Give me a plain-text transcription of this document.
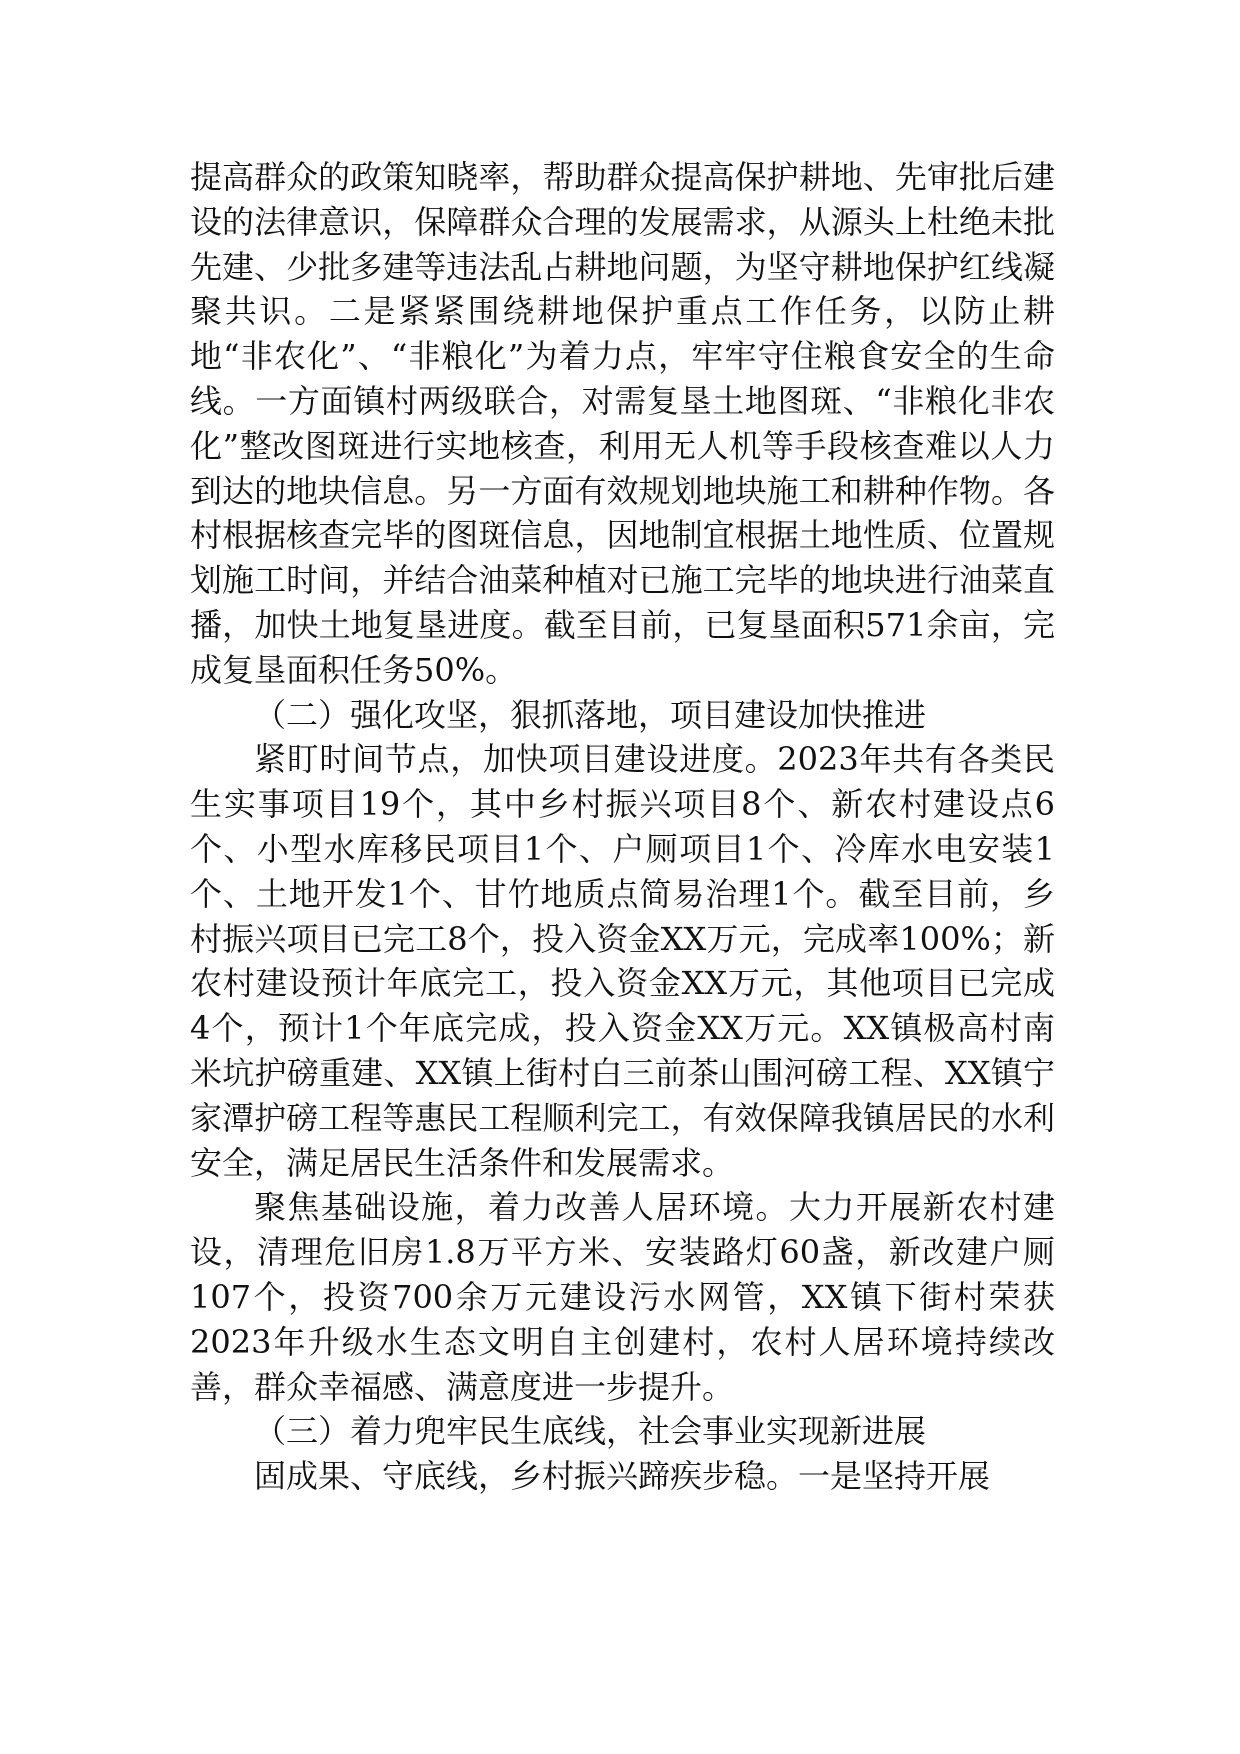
提高群众的政策知晓率，帮助群众提高保护耕地、先审批后建设的法律意识，保障群众合理的发展需求，从源头上杜绝未批先建、少批多建等违法乱占耕地问题，为坚守耕地保护红线凝聚共识。二是紧紧围绕耕地保护重点工作任务，以防止耕地“非农化”、“非粮化”为着力点，牢牢守住粮食安全的生命线。一方面镇村两级联合，对需复垦土地图斑、“非粮化非农化”整改图斑进行实地核查，利用无人机等手段核查难以人力到达的地块信息。另一方面有效规划地块施工和耕种作物。各村根据核查完毕的图斑信息，因地制宜根据土地性质、位置规划施工时间，并结合油菜种植对已施工完毕的地块进行油菜直播，加快土地复垦进度。截至目前，已复垦面积571余亩，完成复垦面积任务50%。

（二）强化攻坚，狠抓落地，项目建设加快推进

紧盯时间节点，加快项目建设进度。2023年共有各类民生实事项目19个，其中乡村振兴项目8个、新农村建设点6个、小型水库移民项目1个、户厕项目1个、冷库水电安装1个、土地开发1个、甘竹地质点简易治理1个。截至目前，乡村振兴项目已完工8个，投入资金XX万元，完成率100%；新农村建设预计年底完工，投入资金XX万元，其他项目已完成4个，预计1个年底完成，投入资金XX万元。XX镇极高村南米坑护磅重建、XX镇上街村白三前茶山围河磅工程、XX镇宁家潭护磅工程等惠民工程顺利完工，有效保障我镇居民的水利安全，满足居民生活条件和发展需求。

聚焦基础设施，着力改善人居环境。大力开展新农村建设，清理危旧房1.8万平方米、安装路灯60盏，新改建户厕107个，投资700余万元建设污水网管，XX镇下街村荣获2023年升级水生态文明自主创建村，农村人居环境持续改善，群众幸福感、满意度进一步提升。

（三）着力兜牢民生底线，社会事业实现新进展

固成果、守底线，乡村振兴蹄疾步稳。一是坚持开展
